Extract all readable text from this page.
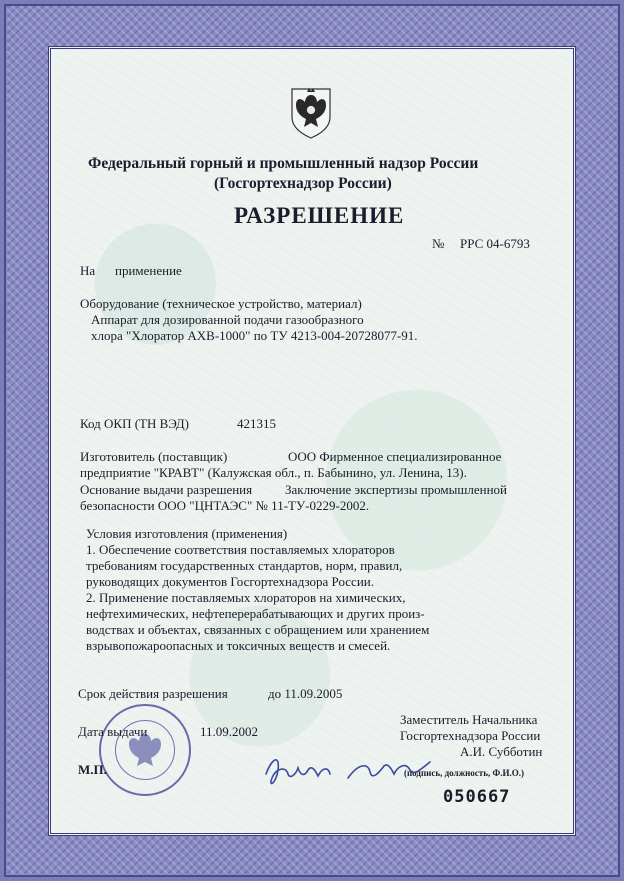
Федеральный горный и промышленный надзор России
(Госгортехнадзор России)
РАЗРЕШЕНИЕ
№ РРС 04-6793
На применение
Оборудование (техническое устройство, материал)
Аппарат для дозированной подачи газообразного
хлора "Хлоратор АХВ-1000" по ТУ 4213-004-20728077-91.
Код ОКП (ТН ВЭД)	421315
Изготовитель (поставщик)	ООО Фирменное специализированное
предприятие "КРАВТ" (Калужская обл., п. Бабынино, ул. Ленина, 13).
Основание выдачи разрешения	Заключение экспертизы промышленной
безопасности ООО "ЦНТАЭС" № 11-ТУ-0229-2002.
Условия изготовления (применения)
1. Обеспечение соответствия поставляемых хлораторов
требованиям государственных стандартов, норм, правил,
руководящих документов Госгортехнадзора России.
2. Применение поставляемых хлораторов на химических,
нефтехимических, нефтеперерабатывающих и других произ-
водствах и объектах, связанных с обращением или хранением
взрывопожароопасных и токсичных веществ и смесей.
Срок действия разрешения	до 11.09.2005
Дата выдачи	11.09.2002
М.П.
Заместитель Начальника
Госгортехнадзора России
А.И. Субботин
(подпись, должность, Ф.И.О.)
050667
